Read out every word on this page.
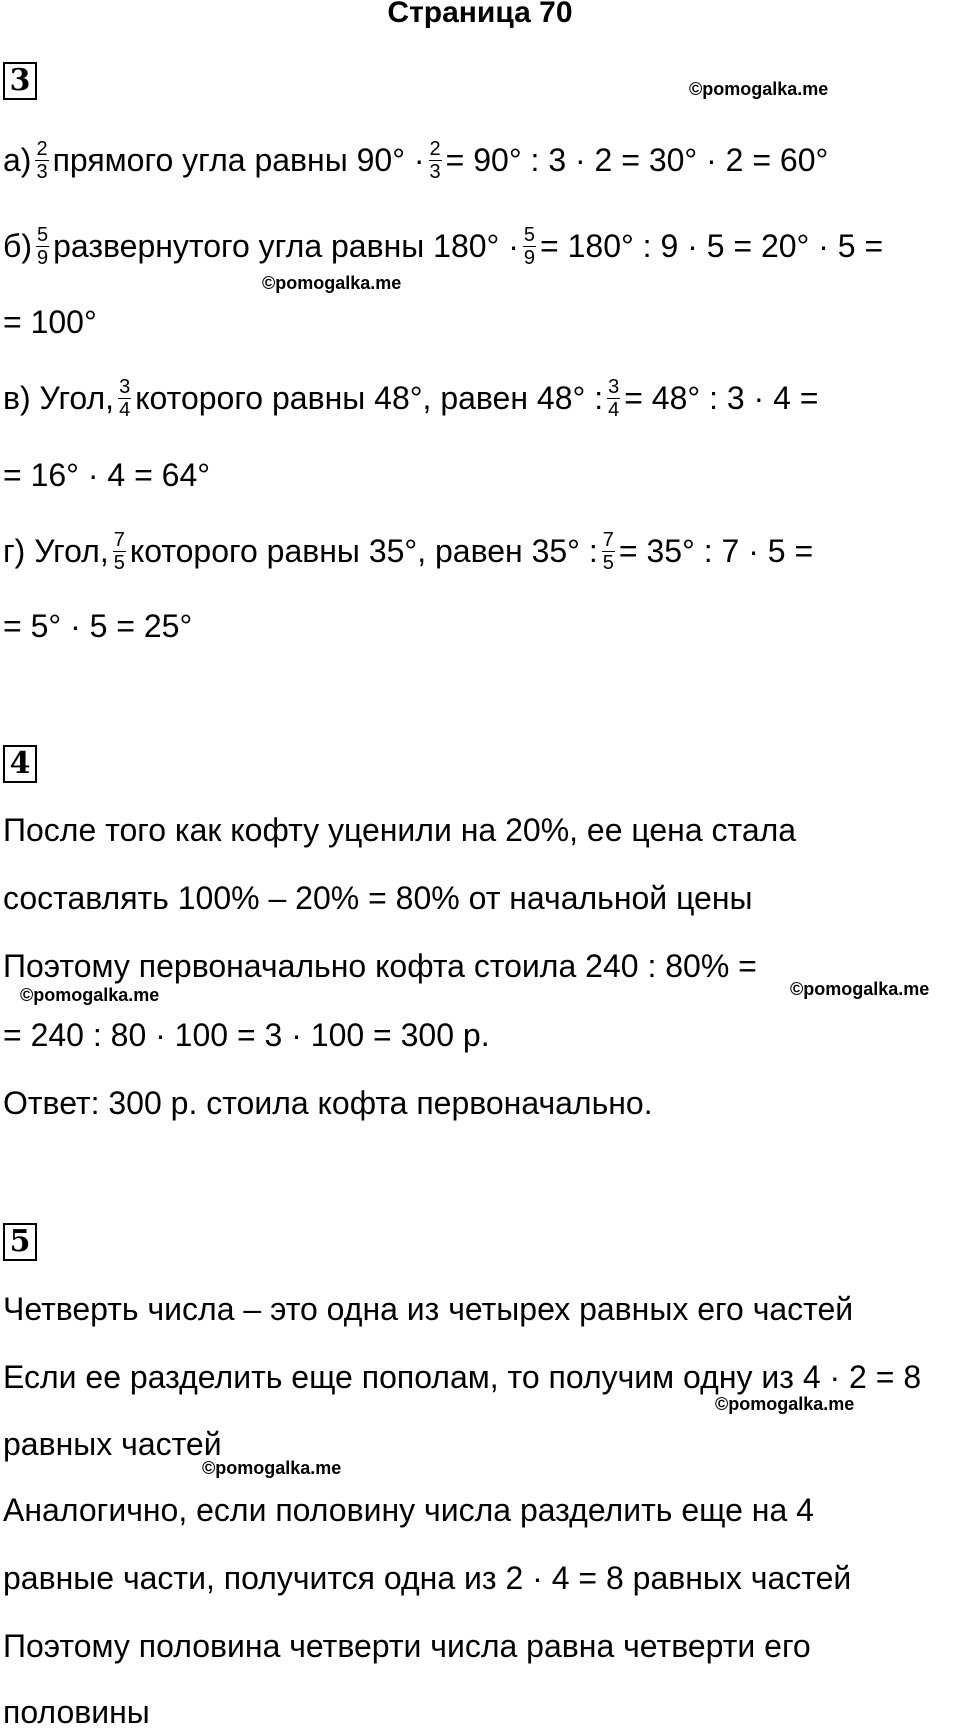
Страница 70
3	©pomogalka.me
$а) \frac{2}{3}$ прямого угла равны $90^\circ \cdot \frac{2}{3} = 90^\circ$ : 3 · 2 = 30° · 2 = 60°
$б) \frac{5}{9}$ развернутого угла равны $180^\circ \cdot \frac{5}{9} = 180^\circ$ : 9 · 5 = 20° · 5 =
©pomogalka.me
= 100°
в) Угол, $\frac{3}{4}$ которого равны 48°, равен 48° : $\frac{3}{4} = 48^\circ$ : 3 · 4 =
= 16° · 4 = 64°
г) Угол, $\frac{7}{5}$ которого равны 35°, равен 35° : $\frac{7}{5} = 35^\circ$ : 7 · 5 =
= 5° · 5 = 25°
4
После того как кофту уценили на 20%, ее цена стала
составлять 100% – 20% = 80% от начальной цены
Поэтому первоначально кофта стоила 240 : 80% =
©pomogalka.me	©pomogalka.me
= 240 : 80 · 100 = 3 · 100 = 300 р.
Ответ: 300 р. стоила кофта первоначально.
5
Четверть числа – это одна из четырех равных его частей
Если ее разделить еще пополам, то получим одну из 4 · 2 = 8
©pomogalka.me
равных частей
©pomogalka.me
Аналогично, если половину числа разделить еще на 4
равные части, получится одна из 2 · 4 = 8 равных частей
Поэтому половина четверти числа равна четверти его
половины
